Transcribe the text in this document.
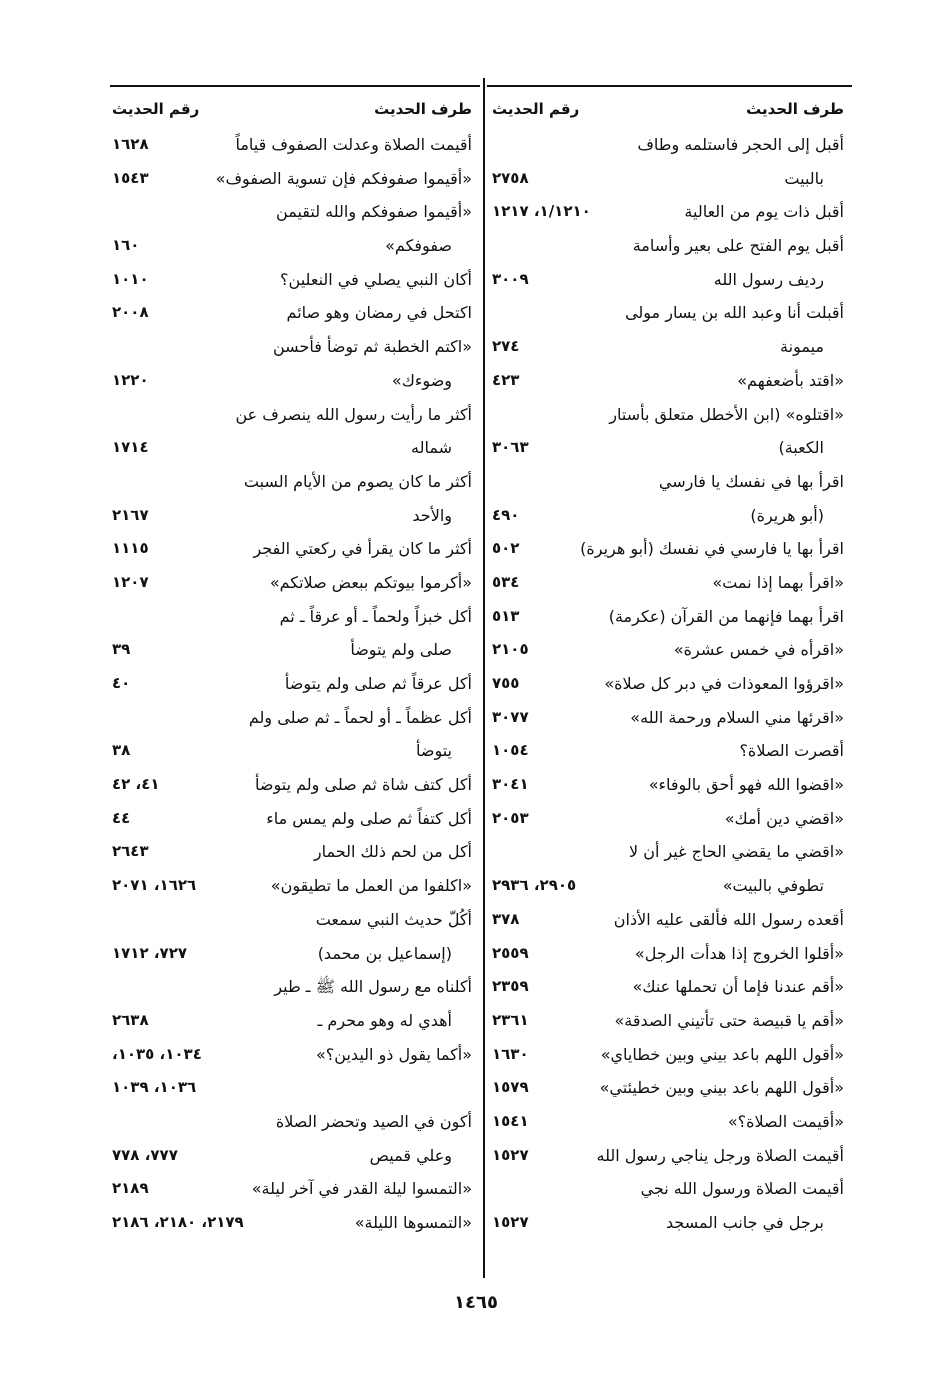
طرف الحديث
رقم الحديث
أقبل إلى الحجر فاستلمه وطاف
بالبيت
٢٧٥٨
أقبل ذات يوم من العالية
١/١٢١٠، ١٢١٧
أقبل يوم الفتح على بعير وأسامة
رديف رسول الله
٣٠٠٩
أقبلت أنا وعبد الله بن يسار مولى
ميمونة
٢٧٤
«اقتد بأضعفهم»
٤٢٣
«اقتلوه» (ابن الأخطل متعلق بأستار
الكعبة)
٣٠٦٣
اقرأ بها في نفسك يا فارسي
(أبو هريرة)
٤٩٠
اقرأ بها يا فارسي في نفسك (أبو هريرة)
٥٠٢
«اقرأ بهما إذا نمت»
٥٣٤
اقرأ بهما فإنهما من القرآن (عكرمة)
٥١٣
«اقرأه في خمس عشرة»
٢١٠٥
«اقرؤوا المعوذات في دبر كل صلاة»
٧٥٥
«اقرئها مني السلام ورحمة الله»
٣٠٧٧
أقصرت الصلاة؟
١٠٥٤
«اقضوا الله فهو أحق بالوفاء»
٣٠٤١
«اقضي دين أمك»
٢٠٥٣
«اقضي ما يقضي الحاج غير أن لا
تطوفي بالبيت»
٢٩٠٥، ٢٩٣٦
أقعده رسول الله فألقى عليه الأذان
٣٧٨
«أقلوا الخروج إذا هدأت الرجل»
٢٥٥٩
«أقم عندنا فإما أن تحملها عنك»
٢٣٥٩
«أقم يا قبيصة حتى تأتيني الصدقة»
٢٣٦١
«أقول اللهم باعد بيني وبين خطاياي»
١٦٣٠
«أقول اللهم باعد بيني وبين خطيئتي»
١٥٧٩
«أقيمت الصلاة؟»
١٥٤١
أقيمت الصلاة ورجل يناجي رسول الله
١٥٢٧
أقيمت الصلاة ورسول الله نجي
برجل في جانب المسجد
١٥٢٧
طرف الحديث
رقم الحديث
أقيمت الصلاة وعدلت الصفوف قياماً
١٦٢٨
«أقيموا صفوفكم فإن تسوية الصفوف»
١٥٤٣
«أقيموا صفوفكم والله لتقيمن
صفوفكم»
١٦٠
أكان النبي يصلي في النعلين؟
١٠١٠
اكتحل في رمضان وهو صائم
٢٠٠٨
«اكتم الخطبة ثم توضأ فأحسن
وضوءك»
١٢٢٠
أكثر ما رأيت رسول الله ينصرف عن
شماله
١٧١٤
أكثر ما كان يصوم من الأيام السبت
والأحد
٢١٦٧
أكثر ما كان يقرأ في ركعتي الفجر
١١١٥
«أكرموا بيوتكم ببعض صلاتكم»
١٢٠٧
أكل خبزاً ولحماً ـ أو عرقاً ـ ثم
صلى ولم يتوضأ
٣٩
أكل عرقاً ثم صلى ولم يتوضأ
٤٠
أكل عظماً ـ أو لحماً ـ ثم صلى ولم
يتوضأ
٣٨
أكل كتف شاة ثم صلى ولم يتوضأ
٤١، ٤٢
أكل كتفاً ثم صلى ولم يمس ماء
٤٤
أكل من لحم ذلك الحمار
٢٦٤٣
«اكلفوا من العمل ما تطيقون»
١٦٢٦، ٢٠٧١
أكُلّ حديث النبي سمعت
(إسماعيل بن محمد)
٧٢٧، ١٧١٢
أكلناه مع رسول الله ﷺ ـ طير
أهدي له وهو محرم ـ
٢٦٣٨
«أكما يقول ذو اليدين؟»
١٠٣٤، ١٠٣٥،
١٠٣٦، ١٠٣٩
أكون في الصيد وتحضر الصلاة
وعلي قميص
٧٧٧، ٧٧٨
«التمسوا ليلة القدر في آخر ليلة»
٢١٨٩
«التمسوها الليلة»
٢١٧٩، ٢١٨٠، ٢١٨٦
١٤٦٥
